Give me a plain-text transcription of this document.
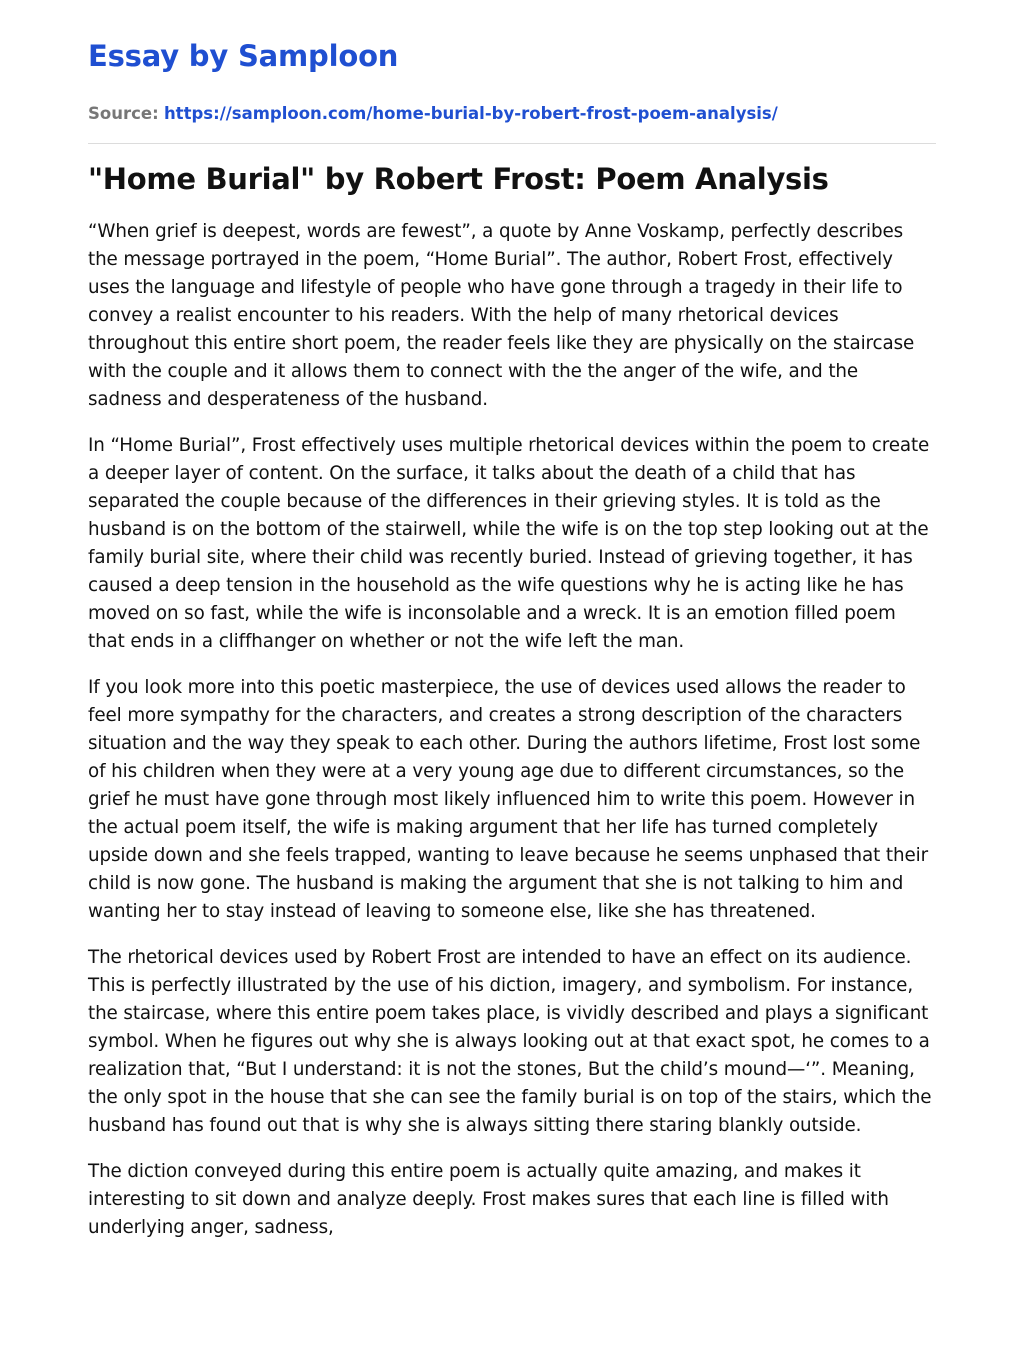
Essay by Samploon
Source: https://samploon.com/home-burial-by-robert-frost-poem-analysis/
"Home Burial" by Robert Frost: Poem Analysis

“When grief is deepest, words are fewest”, a quote by Anne Voskamp, perfectly describes the message portrayed in the poem, “Home Burial”. The author, Robert Frost, effectively uses the language and lifestyle of people who have gone through a tragedy in their life to convey a realist encounter to his readers. With the help of many rhetorical devices throughout this entire short poem, the reader feels like they are physically on the staircase with the couple and it allows them to connect with the the anger of the wife, and the sadness and desperateness of the husband.

In “Home Burial”, Frost effectively uses multiple rhetorical devices within the poem to create a deeper layer of content. On the surface, it talks about the death of a child that has separated the couple because of the differences in their grieving styles. It is told as the husband is on the bottom of the stairwell, while the wife is on the top step looking out at the family burial site, where their child was recently buried. Instead of grieving together, it has caused a deep tension in the household as the wife questions why he is acting like he has moved on so fast, while the wife is inconsolable and a wreck. It is an emotion filled poem that ends in a cliffhanger on whether or not the wife left the man.

If you look more into this poetic masterpiece, the use of devices used allows the reader to feel more sympathy for the characters, and creates a strong description of the characters situation and the way they speak to each other. During the authors lifetime, Frost lost some of his children when they were at a very young age due to different circumstances, so the grief he must have gone through most likely influenced him to write this poem. However in the actual poem itself, the wife is making argument that her life has turned completely upside down and she feels trapped, wanting to leave because he seems unphased that their child is now gone. The husband is making the argument that she is not talking to him and wanting her to stay instead of leaving to someone else, like she has threatened.

The rhetorical devices used by Robert Frost are intended to have an effect on its audience. This is perfectly illustrated by the use of his diction, imagery, and symbolism. For instance, the staircase, where this entire poem takes place, is vividly described and plays a significant symbol. When he figures out why she is always looking out at that exact spot, he comes to a realization that, “But I understand: it is not the stones, But the child’s mound—‘”. Meaning, the only spot in the house that she can see the family burial is on top of the stairs, which the husband has found out that is why she is always sitting there staring blankly outside.

The diction conveyed during this entire poem is actually quite amazing, and makes it interesting to sit down and analyze deeply. Frost makes sures that each line is filled with underlying anger, sadness,
